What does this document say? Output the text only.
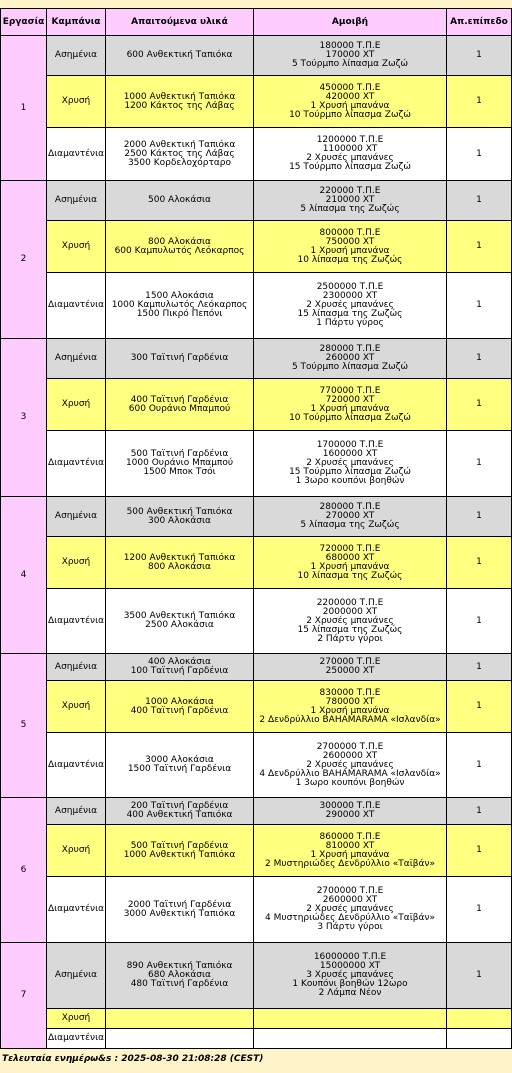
Εργασία	Καμπάνια	Απαιτούμενα υλικά	Αμοιβή	Απ.επίπεδο
1	Ασημένια	600 Ανθεκτική Ταπιόκα	180000 Τ.Π.Ε
170000 XT
5 Τούρμπο λίπασμα Ζωζώ	1
	Χρυσή	1000 Ανθεκτική Ταπιόκα
1200 Κάκτος της Λάβας	450000 Τ.Π.Ε
420000 XT
1 Χρυσή μπανάνα
10 Τούρμπο λίπασμα Ζωζώ	1
	Διαμαντένια	2000 Ανθεκτική Ταπιόκα
2500 Κάκτος της Λάβας
3500 Κορδελοχόρταρο	1200000 Τ.Π.Ε
1100000 XT
2 Χρυσές μπανάνες
15 Τούρμπο λίπασμα Ζωζώ	1
2	Ασημένια	500 Αλοκάσια	220000 Τ.Π.Ε
210000 XT
5 λίπασμα της Ζωζώς	1
	Χρυσή	800 Αλοκάσια
600 Καμπυλωτός Λεόκαρπος	800000 Τ.Π.Ε
750000 XT
1 Χρυσή μπανάνα
10 λίπασμα της Ζωζώς	1
	Διαμαντένια	1500 Αλοκάσια
1000 Καμπυλωτός Λεόκαρπος
1500 Πικρό Πεπόνι	2500000 Τ.Π.Ε
2300000 XT
2 Χρυσές μπανάνες
15 λίπασμα της Ζωζώς
1 Πάρτυ γύρος	1
3	Ασημένια	300 Ταϊτινή Γαρδένια	280000 Τ.Π.Ε
260000 XT
5 Τούρμπο λίπασμα Ζωζώ	1
	Χρυσή	400 Ταϊτινή Γαρδένια
600 Ουράνιο Μπαμπού	770000 Τ.Π.Ε
720000 XT
1 Χρυσή μπανάνα
10 Τούρμπο λίπασμα Ζωζώ	1
	Διαμαντένια	500 Ταϊτινή Γαρδένια
1000 Ουράνιο Μπαμπού
1500 Μποκ Τσόι	1700000 Τ.Π.Ε
1600000 XT
2 Χρυσές μπανάνες
15 Τούρμπο λίπασμα Ζωζώ
1 3ωρο κουπόνι βοηθών	1
4	Ασημένια	500 Ανθεκτική Ταπιόκα
300 Αλοκάσια	280000 Τ.Π.Ε
270000 XT
5 λίπασμα της Ζωζώς	1
	Χρυσή	1200 Ανθεκτική Ταπιόκα
800 Αλοκάσια	720000 Τ.Π.Ε
680000 XT
1 Χρυσή μπανάνα
10 λίπασμα της Ζωζώς	1
	Διαμαντένια	3500 Ανθεκτική Ταπιόκα
2500 Αλοκάσια	2200000 Τ.Π.Ε
2000000 XT
2 Χρυσές μπανάνες
15 λίπασμα της Ζωζώς
2 Πάρτυ γύροι	1
5	Ασημένια	400 Αλοκάσια
100 Ταϊτινή Γαρδένια	270000 Τ.Π.Ε
250000 XT	1
	Χρυσή	1000 Αλοκάσια
400 Ταϊτινή Γαρδένια	830000 Τ.Π.Ε
780000 XT
1 Χρυσή μπανάνα
2 Δενδρύλλιο BAHAMARAMA «Ισλανδία»	1
	Διαμαντένια	3000 Αλοκάσια
1500 Ταϊτινή Γαρδένια	2700000 Τ.Π.Ε
2600000 XT
2 Χρυσές μπανάνες
4 Δενδρύλλιο BAHAMARAMA «Ισλανδία»
1 3ωρο κουπόνι βοηθών	1
6	Ασημένια	200 Ταϊτινή Γαρδένια
400 Ανθεκτική Ταπιόκα	300000 Τ.Π.Ε
290000 XT	1
	Χρυσή	500 Ταϊτινή Γαρδένια
1000 Ανθεκτική Ταπιόκα	860000 Τ.Π.Ε
810000 XT
1 Χρυσή μπανάνα
2 Μυστηριώδες Δενδρύλλιο «Ταϊβάν»	1
	Διαμαντένια	2000 Ταϊτινή Γαρδένια
3000 Ανθεκτική Ταπιόκα	2700000 Τ.Π.Ε
2600000 XT
2 Χρυσές μπανάνες
4 Μυστηριώδες Δενδρύλλιο «Ταϊβάν»
3 Πάρτυ γύροι	1
7	Ασημένια	890 Ανθεκτική Ταπιόκα
680 Αλοκάσια
480 Ταϊτινή Γαρδένια	16000000 Τ.Π.Ε
15000000 XT
3 Χρυσές μπανάνες
1 Κουπόνι βοηθών 12ωρο
2 Λάμπα Νέον	1
	Χρυσή			
	Διαμαντένια			
Τελευταία ενημέρω&s : 2025-08-30 21:08:28 (CEST)
